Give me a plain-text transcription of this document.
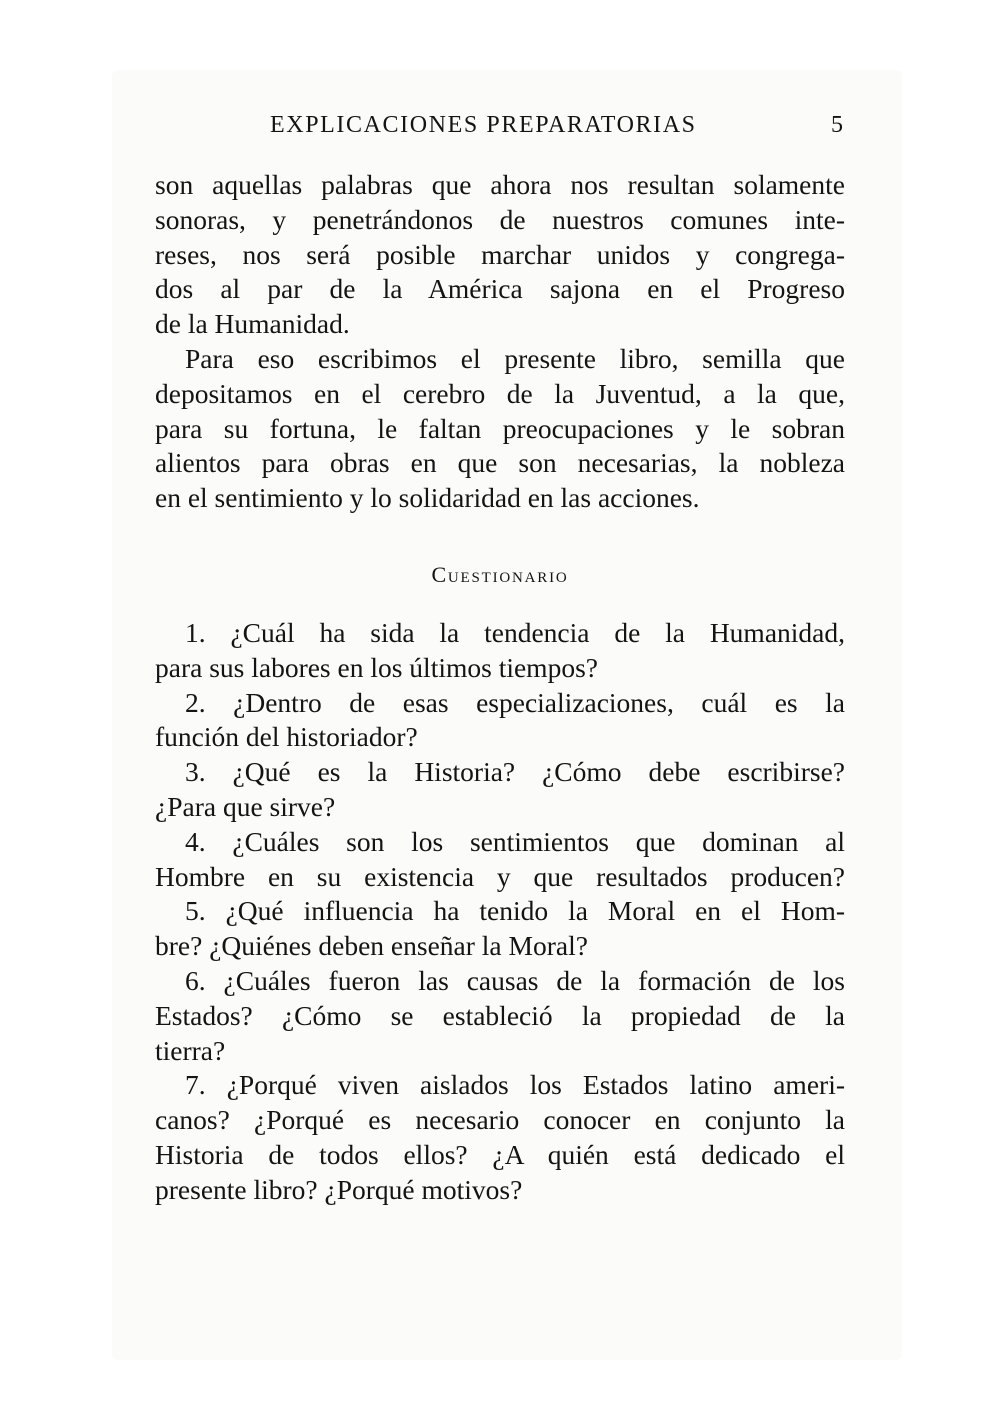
EXPLICACIONES PREPARATORIAS	5
son aquellas palabras que ahora nos resultan solamente
sonoras, y penetrándonos de nuestros comunes inte-
reses, nos será posible marchar unidos y congrega-
dos al par de la América sajona en el Progreso
de la Humanidad.
Para eso escribimos el presente libro, semilla que
depositamos en el cerebro de la Juventud, a la que,
para su fortuna, le faltan preocupaciones y le sobran
alientos para obras en que son necesarias, la nobleza
en el sentimiento y lo solidaridad en las acciones.
Cuestionario
1. ¿Cuál ha sida la tendencia de la Humanidad,
para sus labores en los últimos tiempos?
2. ¿Dentro de esas especializaciones, cuál es la
función del historiador?
3. ¿Qué es la Historia? ¿Cómo debe escribirse?
¿Para que sirve?
4. ¿Cuáles son los sentimientos que dominan al
Hombre en su existencia y que resultados producen?
5. ¿Qué influencia ha tenido la Moral en el Hom-
bre? ¿Quiénes deben enseñar la Moral?
6. ¿Cuáles fueron las causas de la formación de los
Estados? ¿Cómo se estableció la propiedad de la
tierra?
7. ¿Porqué viven aislados los Estados latino ameri-
canos? ¿Porqué es necesario conocer en conjunto la
Historia de todos ellos? ¿A quién está dedicado el
presente libro? ¿Porqué motivos?
